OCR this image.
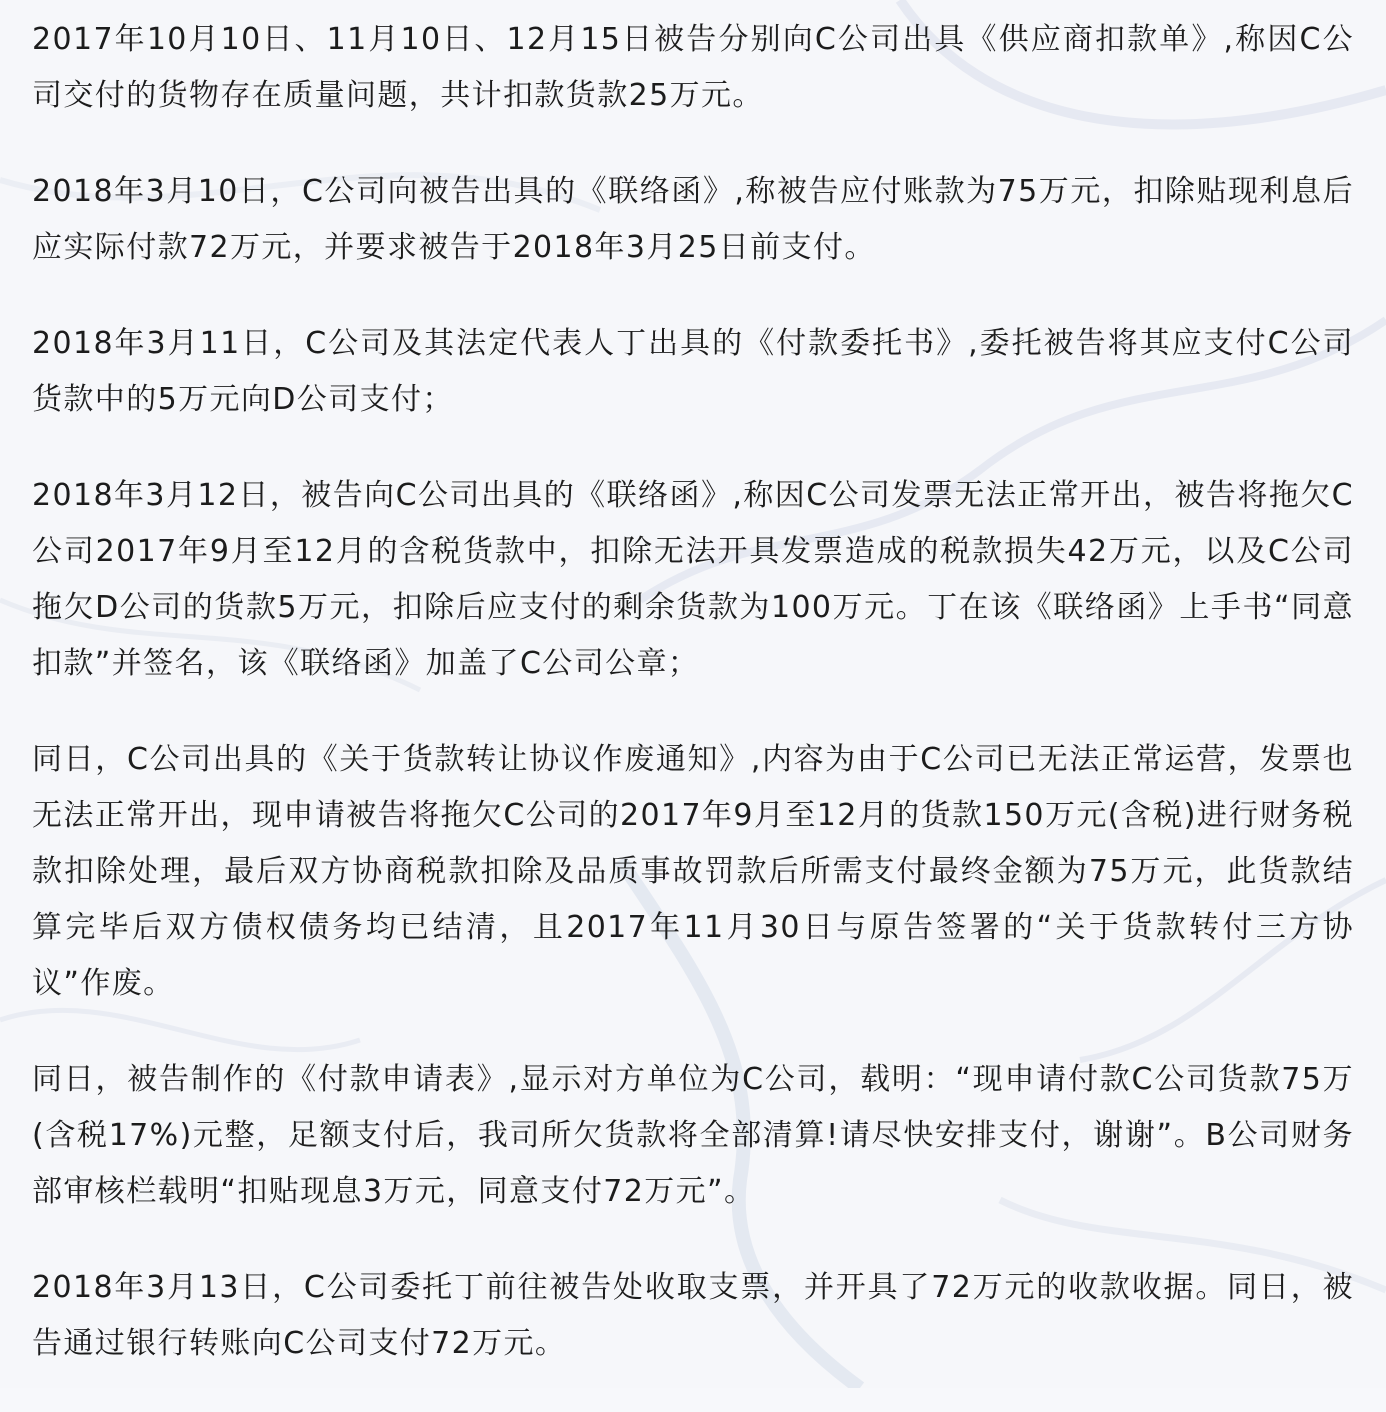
2017年10月10日、11月10日、12月15日被告分别向C公司出具《供应商扣款单》,称因C公司交付的货物存在质量问题，共计扣款货款25万元。

2018年3月10日，C公司向被告出具的《联络函》,称被告应付账款为75万元，扣除贴现利息后应实际付款72万元，并要求被告于2018年3月25日前支付。

2018年3月11日，C公司及其法定代表人丁出具的《付款委托书》,委托被告将其应支付C公司货款中的5万元向D公司支付；

2018年3月12日，被告向C公司出具的《联络函》,称因C公司发票无法正常开出，被告将拖欠C公司2017年9月至12月的含税货款中，扣除无法开具发票造成的税款损失42万元，以及C公司拖欠D公司的货款5万元，扣除后应支付的剩余货款为100万元。丁在该《联络函》上手书“同意扣款”并签名，该《联络函》加盖了C公司公章；

同日，C公司出具的《关于货款转让协议作废通知》,内容为由于C公司已无法正常运营，发票也无法正常开出，现申请被告将拖欠C公司的2017年9月至12月的货款150万元(含税)进行财务税款扣除处理，最后双方协商税款扣除及品质事故罚款后所需支付最终金额为75万元，此货款结算完毕后双方债权债务均已结清，且2017年11月30日与原告签署的“关于货款转付三方协议”作废。

同日，被告制作的《付款申请表》,显示对方单位为C公司，载明：“现申请付款C公司货款75万(含税17%)元整，足额支付后，我司所欠货款将全部清算!请尽快安排支付，谢谢”。B公司财务部审核栏载明“扣贴现息3万元，同意支付72万元”。

2018年3月13日，C公司委托丁前往被告处收取支票，并开具了72万元的收款收据。同日，被告通过银行转账向C公司支付72万元。
